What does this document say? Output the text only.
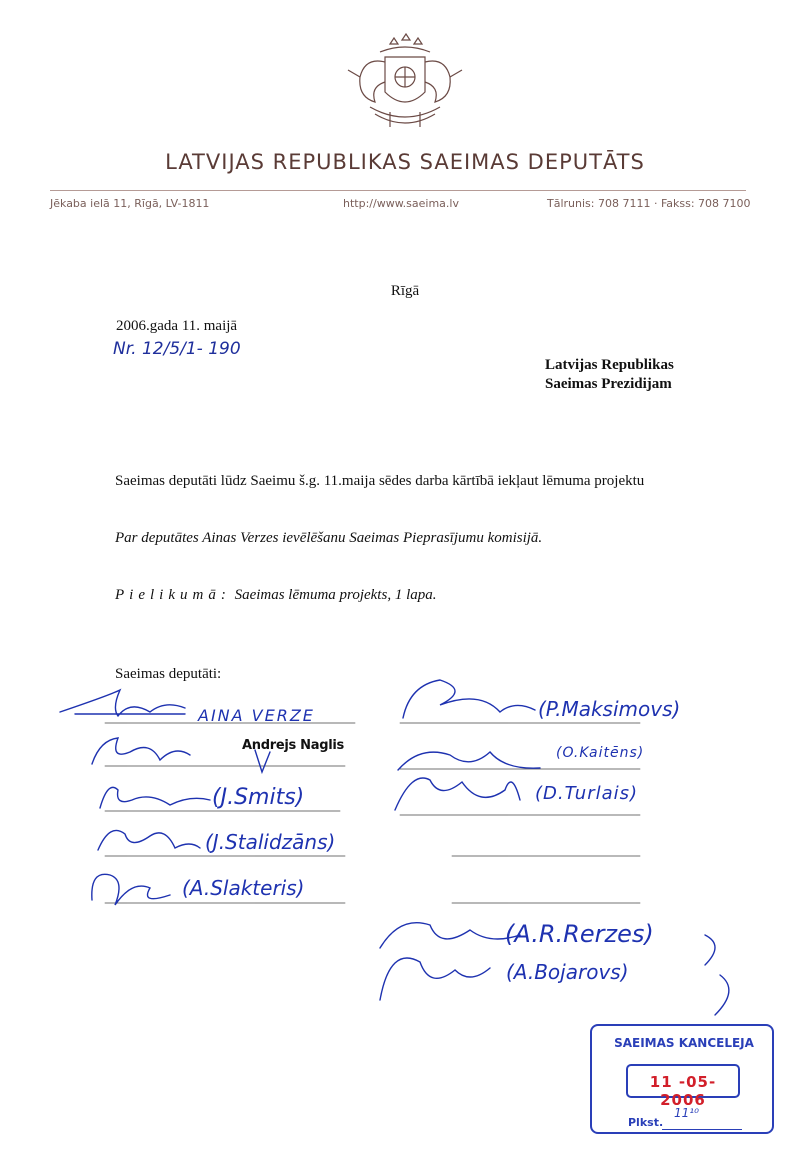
LATVIJAS REPUBLIKAS SAEIMAS DEPUTĀTS
Jēkaba ielā 11, Rīgā, LV-1811	http://www.saeima.lv	Tālrunis: 708 7111 · Fakss: 708 7100
Rīgā
2006.gada 11. maijā
Nr. 12/5/1- 190
Latvijas Republikas
Saeimas Prezidijam
Saeimas deputāti lūdz Saeimu š.g. 11.maija sēdes darba kārtībā iekļaut lēmuma projektu
Par deputātes Ainas Verzes ievēlēšanu Saeimas Pieprasījumu komisijā.
Pielikumā: Saeimas lēmuma projekts, 1 lapa.
Saeimas deputāti:
Andrejs Naglis
AINA VERZE
(J.Smits)
(J.Stalidzāns)
(A.Slakteris)
(P.Maksimovs)
(O.Kaitēns)
(D.Turlais)
(A.R.Rerzes)
(A.Bojarovs)
SAEIMAS KANCELEJA
11 -05- 2006
Plkst.
11¹⁰
